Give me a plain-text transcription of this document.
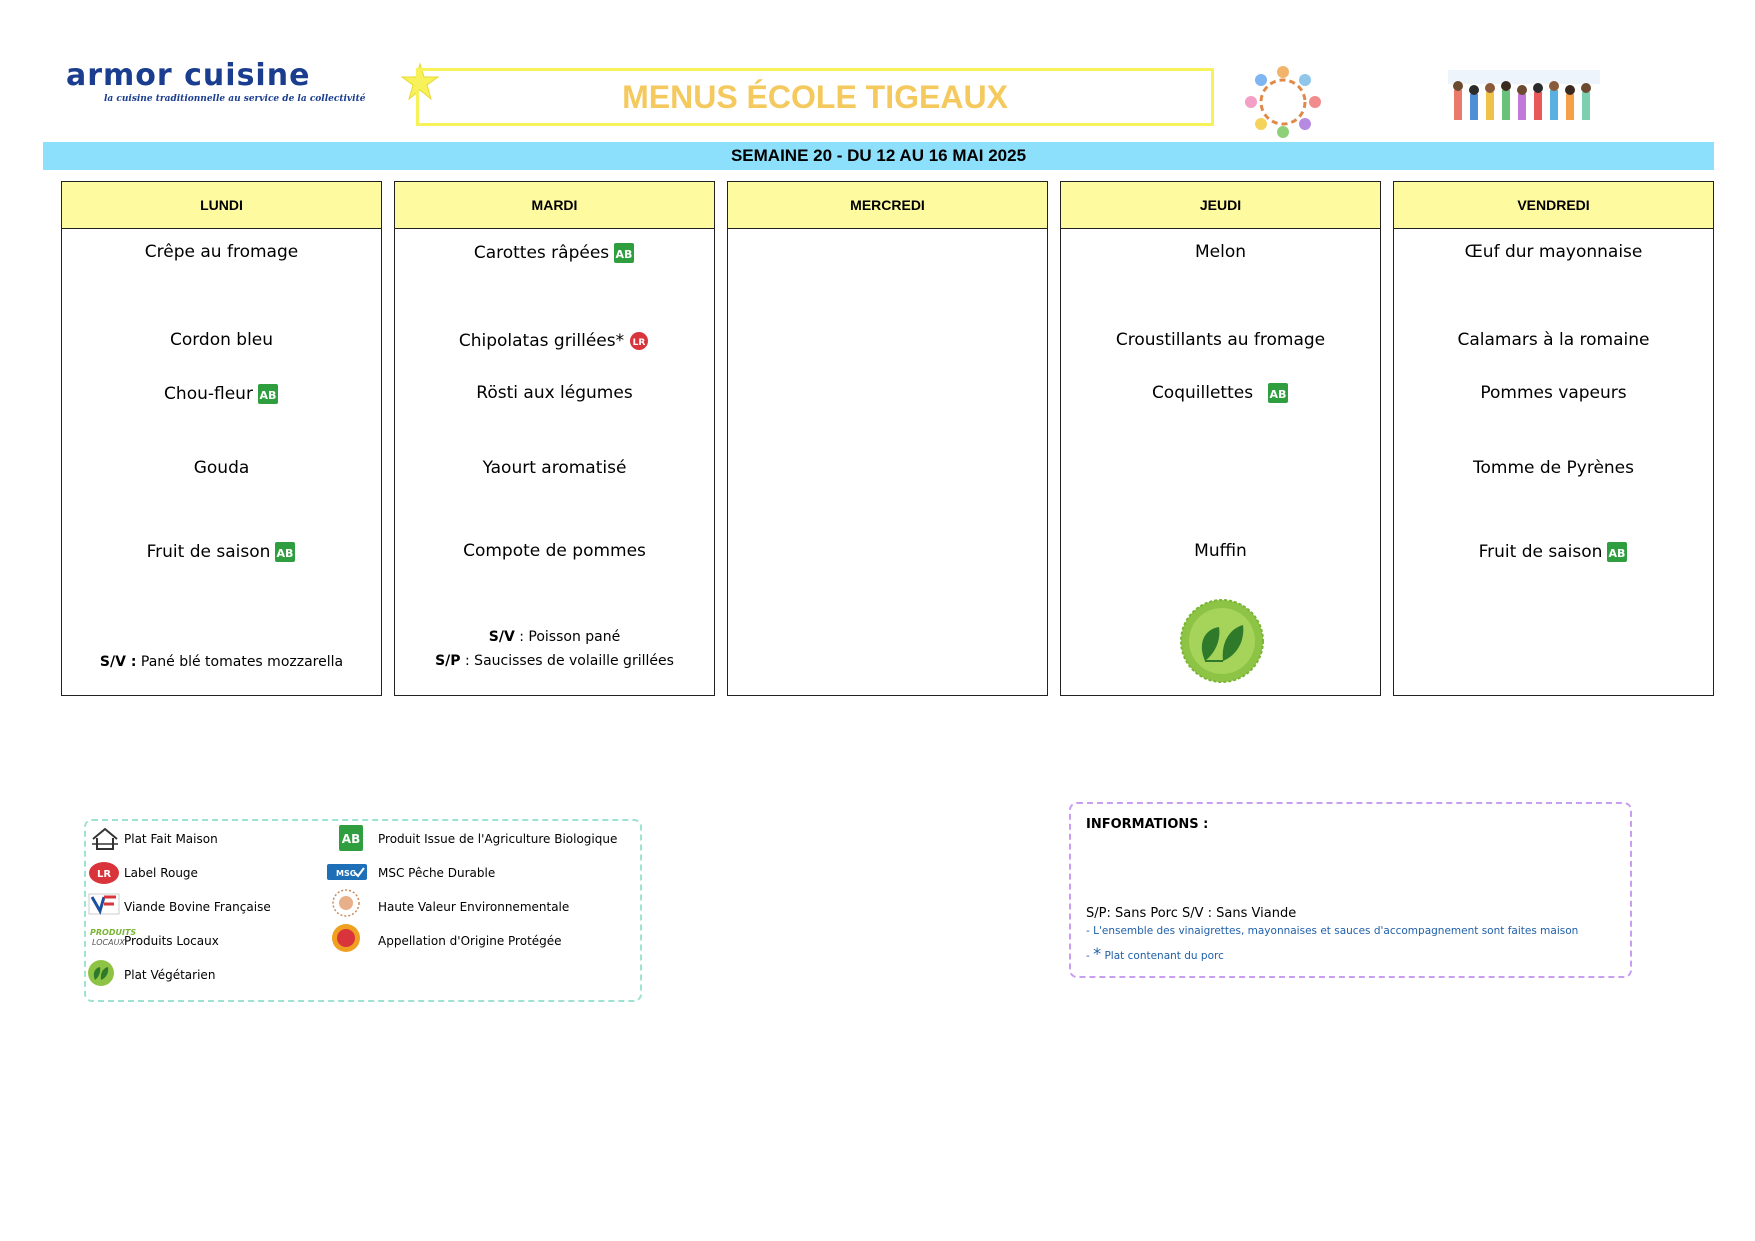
armor cuisine
la cuisine traditionnelle au service de la collectivité	MENUS ÉCOLE TIGEAUX
SEMAINE 20 - DU 12 AU 16 MAI 2025
LUNDI
Crêpe au fromage
Cordon bleu
Chou-fleur AB
Gouda
Fruit de saison AB
S/V : Pané blé tomates mozzarella
MARDI
Carottes râpées AB
Chipolatas grillées* LR
Rösti aux légumes
Yaourt aromatisé
Compote de pommes
S/V : Poisson pané
S/P : Saucisses de volaille grillées
MERCREDI	JEUDI
Melon
Croustillants au fromage
Coquillettes AB
Muffin
VENDREDI
Œuf dur mayonnaise
Calamars à la romaine
Pommes vapeurs
Tomme de Pyrènes
Fruit de saison AB
Plat Fait Maison
LR Label Rouge
Viande Bovine Française
PRODUITS
LOCAUX Produits Locaux
Plat Végétarien
AB Produit Issue de l'Agriculture Biologique
MSC MSC Pêche Durable
Haute Valeur Environnementale
Appellation d'Origine Protégée
INFORMATIONS :
S/P: Sans Porc S/V : Sans Viande
- L'ensemble des vinaigrettes, mayonnaises et sauces d'accompagnement sont faites maison
- * Plat contenant du porc
